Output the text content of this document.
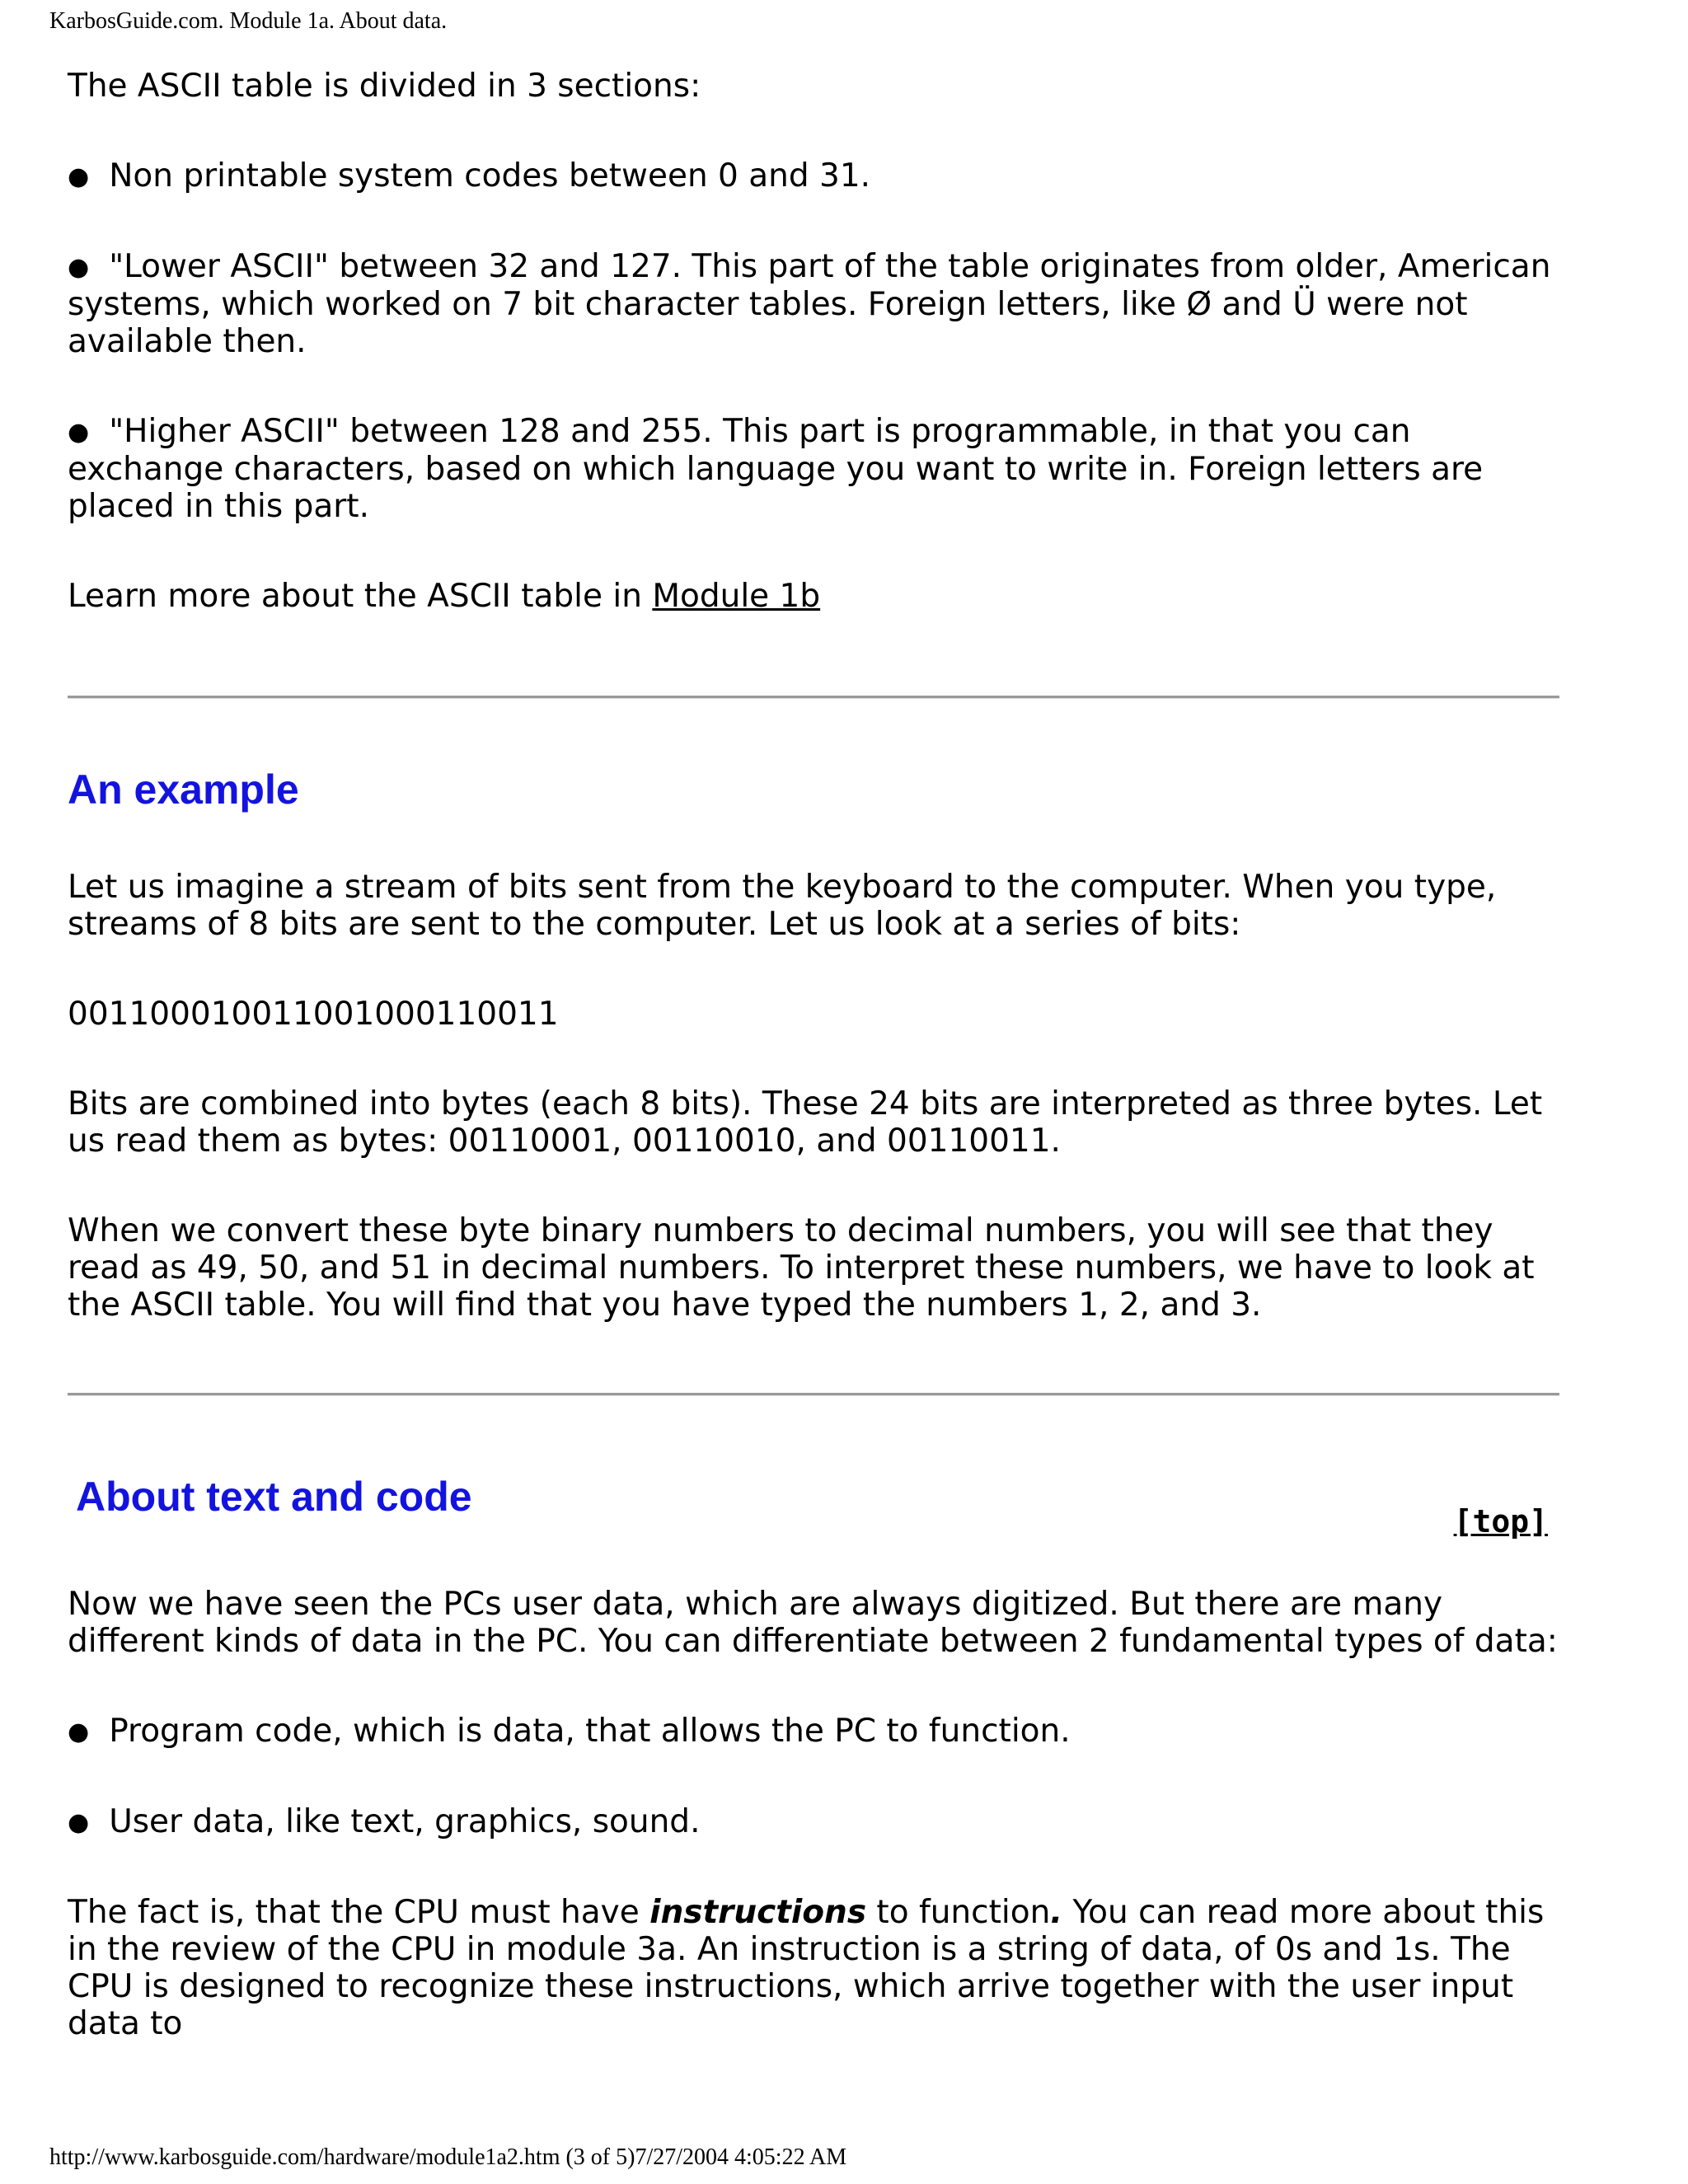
KarbosGuide.com. Module 1a. About data.

The ASCII table is divided in 3 sections:

● Non printable system codes between 0 and 31.

● "Lower ASCII" between 32 and 127. This part of the table originates from older, American systems, which worked on 7 bit character tables. Foreign letters, like Ø and Ü were not available then.

● "Higher ASCII" between 128 and 255. This part is programmable, in that you can exchange characters, based on which language you want to write in. Foreign letters are placed in this part.

Learn more about the ASCII table in Module 1b

An example

Let us imagine a stream of bits sent from the keyboard to the computer. When you type, streams of 8 bits are sent to the computer. Let us look at a series of bits:

001100010011001000110011

Bits are combined into bytes (each 8 bits). These 24 bits are interpreted as three bytes. Let us read them as bytes: 00110001, 00110010, and 00110011.

When we convert these byte binary numbers to decimal numbers, you will see that they read as 49, 50, and 51 in decimal numbers. To interpret these numbers, we have to look at the ASCII table. You will find that you have typed the numbers 1, 2, and 3.

About text and code
[top]

Now we have seen the PCs user data, which are always digitized. But there are many different kinds of data in the PC. You can differentiate between 2 fundamental types of data:

● Program code, which is data, that allows the PC to function.

● User data, like text, graphics, sound.

The fact is, that the CPU must have instructions to function. You can read more about this in the review of the CPU in module 3a. An instruction is a string of data, of 0s and 1s. The CPU is designed to recognize these instructions, which arrive together with the user input data to

http://www.karbosguide.com/hardware/module1a2.htm (3 of 5)7/27/2004 4:05:22 AM
